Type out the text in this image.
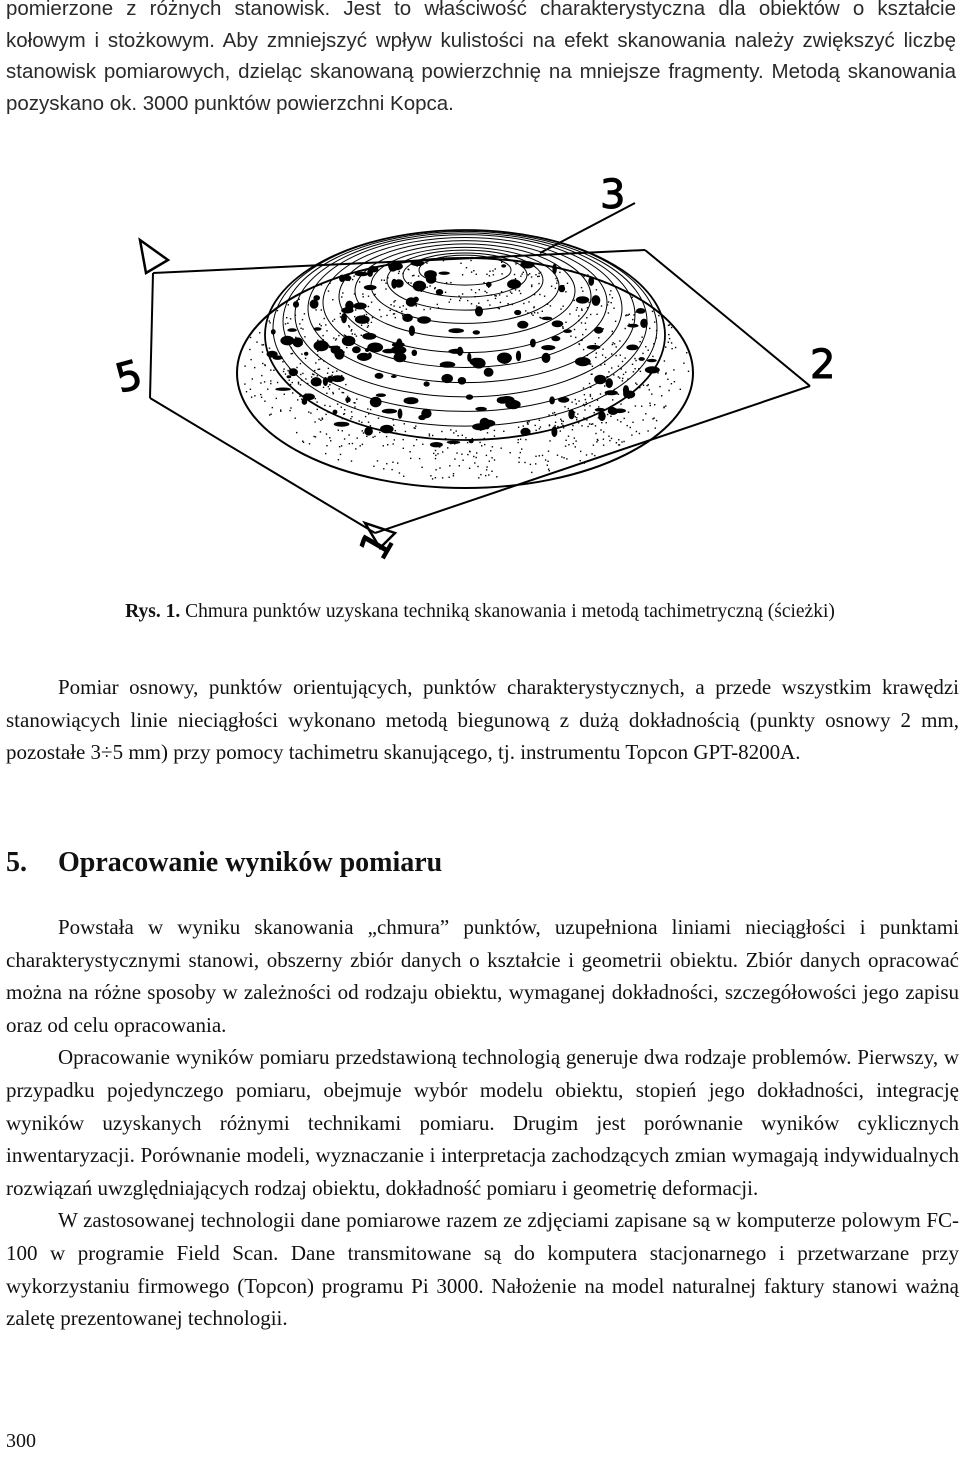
pomierzone z różnych stanowisk. Jest to właściwość charakterystyczna dla obiektów o kształcie kołowym i stożkowym. Aby zmniejszyć wpływ kulistości na efekt skanowania należy zwiększyć liczbę stanowisk pomiarowych, dzieląc skanowaną powierzchnię na mniejsze fragmenty. Metodą skanowania pozyskano ok. 3000 punktów powierzchni Kopca.

3
2
1
5
Rys. 1. Chmura punktów uzyskana techniką skanowania i metodą tachimetryczną (ścieżki)

Pomiar osnowy, punktów orientujących, punktów charakterystycznych, a przede wszystkim krawędzi stanowiących linie nieciągłości wykonano metodą biegunową z dużą dokładnością (punkty osnowy 2 mm, pozostałe 3÷5 mm) przy pomocy tachimetru skanującego, tj. instrumentu Topcon GPT-8200A.

5. Opracowanie wyników pomiaru

Powstała w wyniku skanowania „chmura” punktów, uzupełniona liniami nieciągłości i punktami charakterystycznymi stanowi, obszerny zbiór danych o kształcie i geometrii obiektu. Zbiór danych opracować można na różne sposoby w zależności od rodzaju obiektu, wymaganej dokładności, szczegółowości jego zapisu oraz od celu opracowania.

Opracowanie wyników pomiaru przedstawioną technologią generuje dwa rodzaje problemów. Pierwszy, w przypadku pojedynczego pomiaru, obejmuje wybór modelu obiektu, stopień jego dokładności, integrację wyników uzyskanych różnymi technikami pomiaru. Drugim jest porównanie wyników cyklicznych inwentaryzacji. Porównanie modeli, wyznaczanie i interpretacja zachodzących zmian wymagają indywidualnych rozwiązań uwzględniających rodzaj obiektu, dokładność pomiaru i geometrię deformacji.

W zastosowanej technologii dane pomiarowe razem ze zdjęciami zapisane są w komputerze polowym FC-100 w programie Field Scan. Dane transmitowane są do komputera stacjonarnego i przetwarzane przy wykorzystaniu firmowego (Topcon) programu Pi 3000. Nałożenie na model naturalnej faktury stanowi ważną zaletę prezentowanej technologii.

300
